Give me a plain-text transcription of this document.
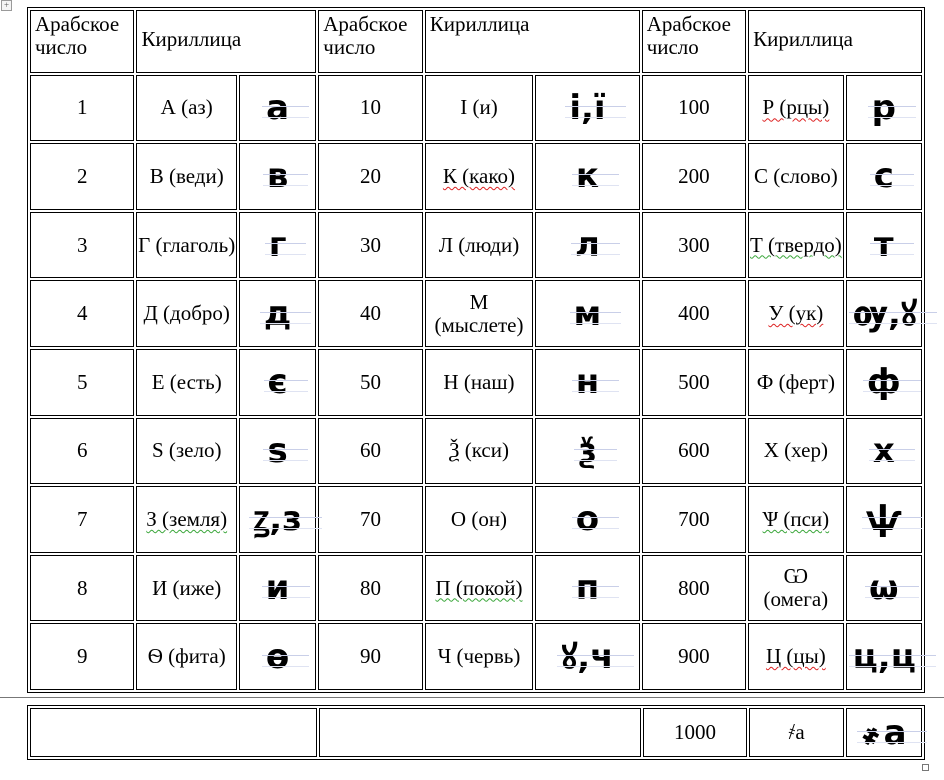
+
Арабское число	Кириллица		Арабское число	Кириллица		Арабское число	Кириллица	
1	А (аз)	а	10	І (и)	і,ї	100	Р (рцы)	р
2	В (веди)	в	20	К (како)	к	200	С (слово)	с
3	Г (глаголь)	г	30	Л (люди)	л	300	Т (твердо)	т
4	Д (добро)	д	40	М (мыслете)	м	400	У (ук)	ѹ,ꙋ
5	Е (есть)	є	50	Н (наш)	н	500	Ф (ферт)	ф
6	S (зело)	ѕ	60	Ѯ (кси)	ѯ	600	Х (хер)	х
7	З (земля)	ꙁ,з	70	О (он)	о	700	Ѱ (пси)	ѱ
8	И (иже)	и	80	П (покой)	п	800	Ѡ (омега)	ѡ
9	Ѳ (фита)	ѳ	90	Ч (червь)	ꙋ,ч	900	Ц (цы)	ц,ц
		1000	҂а	҂а
